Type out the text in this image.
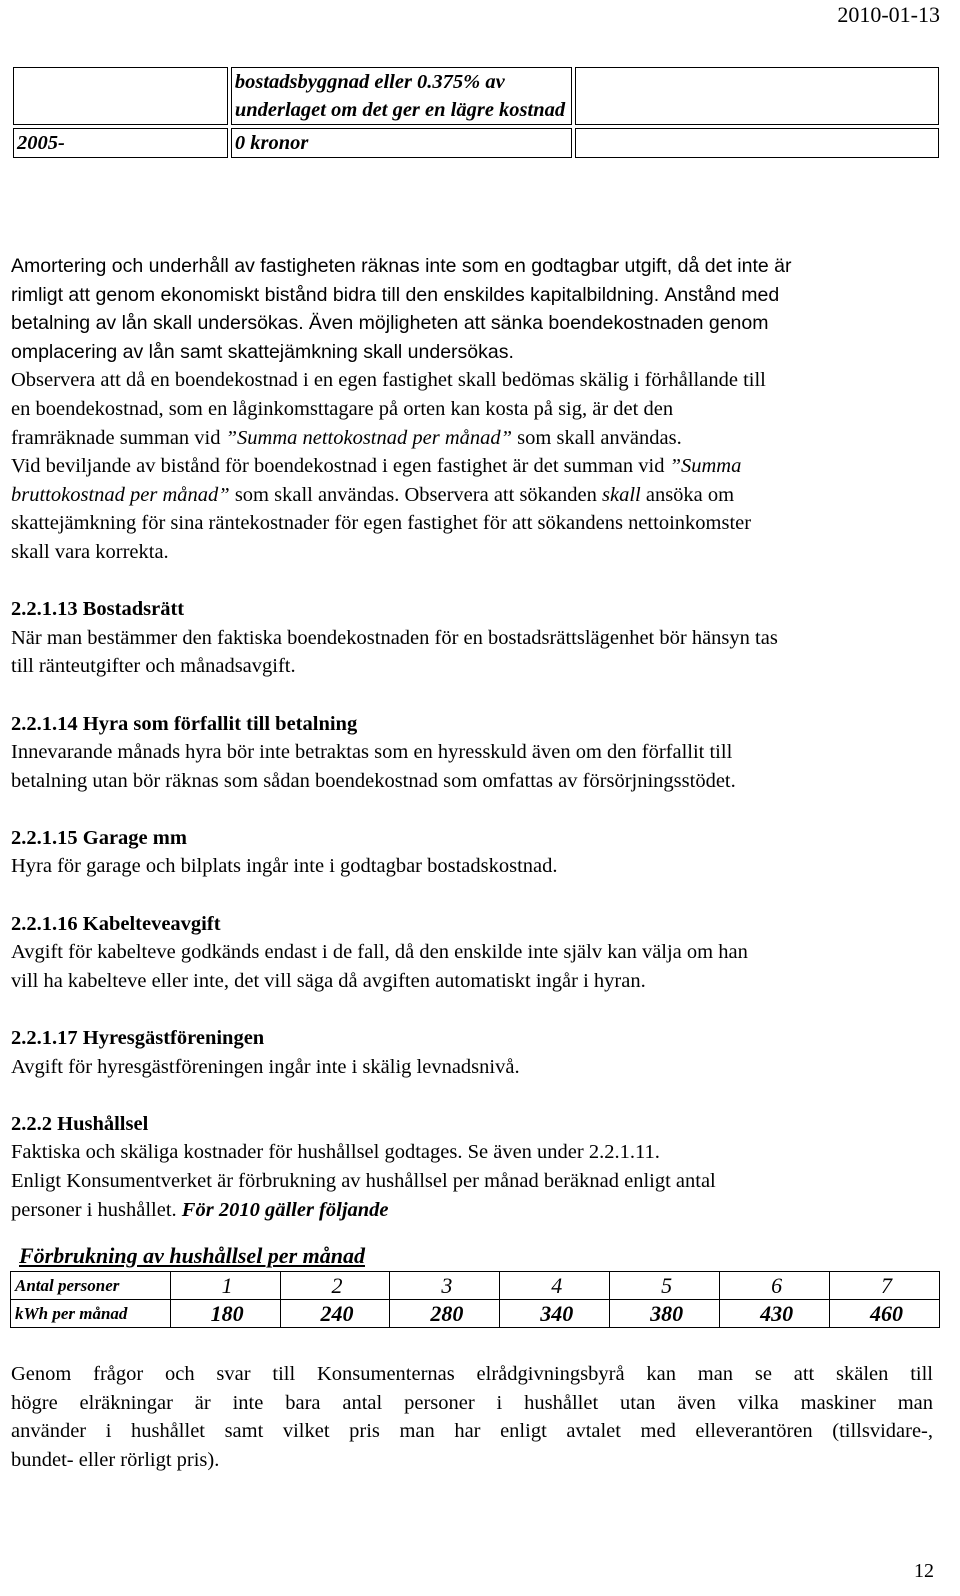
2010-01-13
	bostadsbyggnad eller 0.375% av underlaget om det ger en lägre kostnad	
2005-	0 kronor	

Amortering och underhåll av fastigheten räknas inte som en godtagbar utgift, då det inte är

rimligt att genom ekonomiskt bistånd bidra till den enskildes kapitalbildning. Anstånd med

betalning av lån skall undersökas. Även möjligheten att sänka boendekostnaden genom

omplacering av lån samt skattejämkning skall undersökas.

Observera att då en boendekostnad i en egen fastighet skall bedömas skälig i förhållande till

en boendekostnad, som en låginkomsttagare på orten kan kosta på sig, är det den

framräknade summan vid ”Summa nettokostnad per månad” som skall användas.

Vid beviljande av bistånd för boendekostnad i egen fastighet är det summan vid ”Summa

bruttokostnad per månad” som skall användas. Observera att sökanden skall ansöka om

skattejämkning för sina räntekostnader för egen fastighet för att sökandens nettoinkomster

skall vara korrekta.

2.2.1.13 Bostadsrätt

När man bestämmer den faktiska boendekostnaden för en bostadsrättslägenhet bör hänsyn tas

till ränteutgifter och månadsavgift.

2.2.1.14 Hyra som förfallit till betalning

Innevarande månads hyra bör inte betraktas som en hyresskuld även om den förfallit till

betalning utan bör räknas som sådan boendekostnad som omfattas av försörjningsstödet.

2.2.1.15 Garage mm

Hyra för garage och bilplats ingår inte i godtagbar bostadskostnad.

2.2.1.16 Kabelteveavgift

Avgift för kabelteve godkänds endast i de fall, då den enskilde inte själv kan välja om han

vill ha kabelteve eller inte, det vill säga då avgiften automatiskt ingår i hyran.

2.2.1.17 Hyresgästföreningen

Avgift för hyresgästföreningen ingår inte i skälig levnadsnivå.

2.2.2 Hushållsel

Faktiska och skäliga kostnader för hushållsel godtages. Se även under 2.2.1.11.

Enligt Konsumentverket är förbrukning av hushållsel per månad beräknad enligt antal

personer i hushållet. För 2010 gäller följande

Förbrukning av hushållsel per månad
Antal personer	1	2	3	4	5	6	7
kWh per månad	180	240	280	340	380	430	460

Genom frågor och svar till Konsumenternas elrådgivningsbyrå kan man se att skälen till

högre elräkningar är inte bara antal personer i hushållet utan även vilka maskiner man

använder i hushållet samt vilket pris man har enligt avtalet med elleverantören (tillsvidare-,

bundet- eller rörligt pris).

12
